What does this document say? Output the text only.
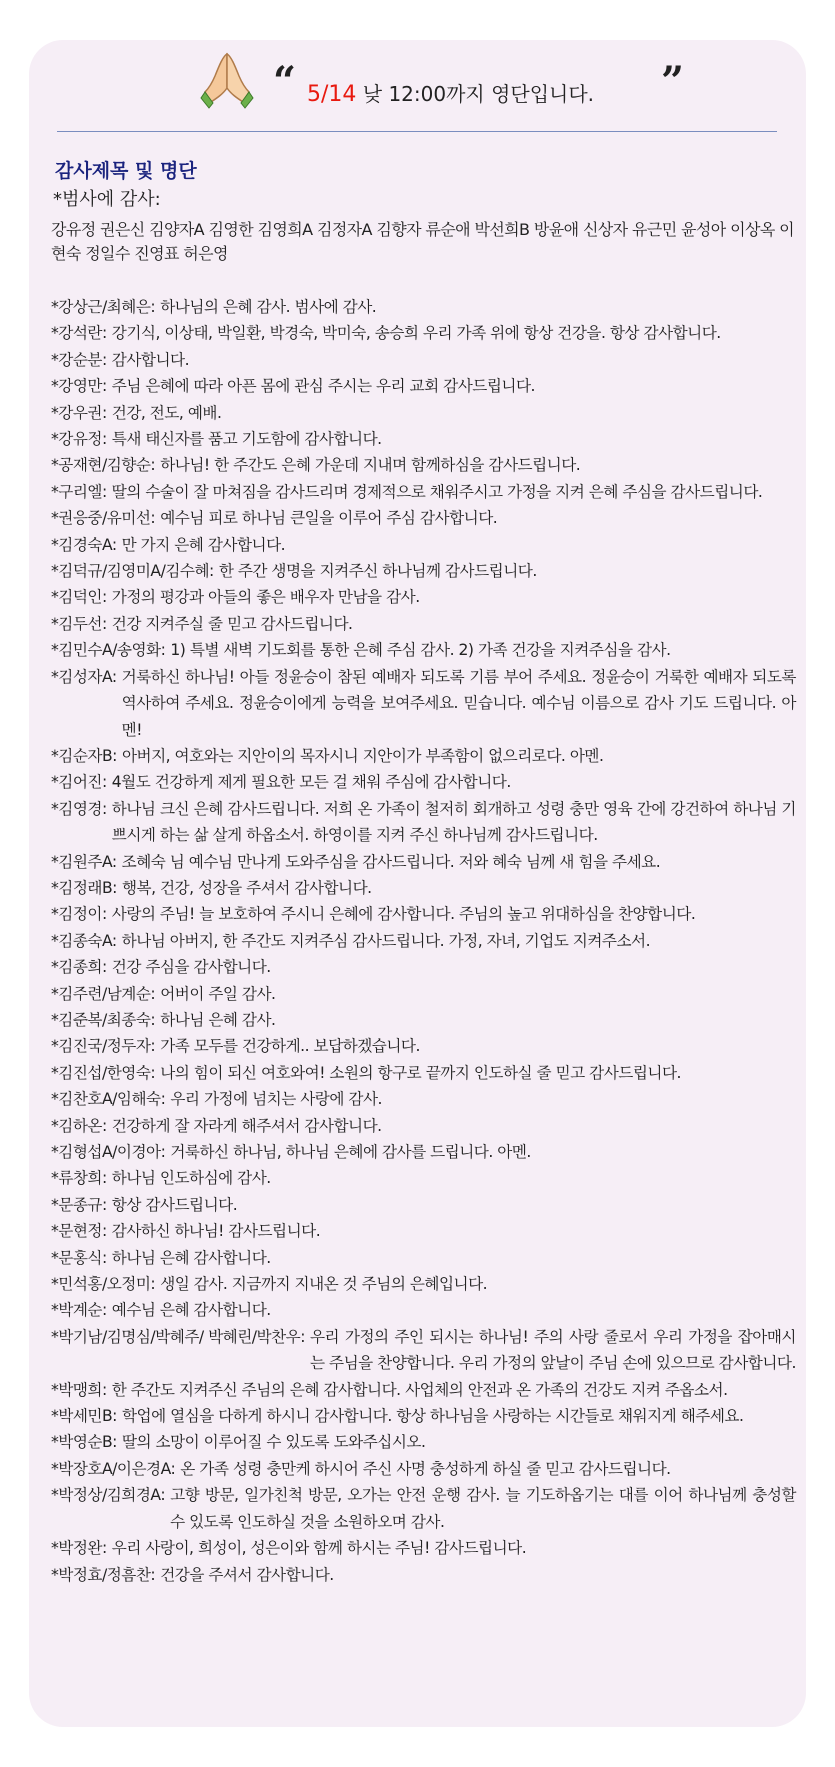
“ 5/14 낮 12:00까지 영단입니다. ”
감사제목 및 명단
*범사에 감사:
강유정 권은신 김양자A 김영한 김영희A 김정자A 김향자 류순애 박선희B 방윤애 신상자 유근민 윤성아 이상옥 이현숙 정일수 진영표 허은영
*강상근/최혜은: 하나님의 은혜 감사. 범사에 감사.
*강석란: 강기식, 이상태, 박일환, 박경숙, 박미숙, 송승희 우리 가족 위에 항상 건강을. 항상 감사합니다.
*강순분: 감사합니다.
*강영만: 주님 은혜에 따라 아픈 몸에 관심 주시는 우리 교회 감사드립니다.
*강우권: 건강, 전도, 예배.
*강유정: 특새 태신자를 품고 기도함에 감사합니다.
*공재현/김향순: 하나님! 한 주간도 은혜 가운데 지내며 함께하심을 감사드립니다.
*구리엘: 딸의 수술이 잘 마쳐짐을 감사드리며 경제적으로 채워주시고 가정을 지켜 은혜 주심을 감사드립니다.
*권응중/유미선: 예수님 피로 하나님 큰일을 이루어 주심 감사합니다.
*김경숙A: 만 가지 은혜 감사합니다.
*김덕규/김영미A/김수혜: 한 주간 생명을 지켜주신 하나님께 감사드립니다.
*김덕인: 가정의 평강과 아들의 좋은 배우자 만남을 감사.
*김두선: 건강 지켜주실 줄 믿고 감사드립니다.
*김민수A/송영화: 1) 특별 새벽 기도회를 통한 은혜 주심 감사. 2) 가족 건강을 지켜주심을 감사.
*김성자A: 거룩하신 하나님! 아들 정윤승이 참된 예배자 되도록 기름 부어 주세요. 정윤승이 거룩한 예배자 되도록 역사하여 주세요. 정윤승이에게 능력을 보여주세요. 믿습니다. 예수님 이름으로 감사 기도 드립니다. 아멘!
*김순자B: 아버지, 여호와는 지안이의 목자시니 지안이가 부족함이 없으리로다. 아멘.
*김어진: 4월도 건강하게 제게 필요한 모든 걸 채워 주심에 감사합니다.
*김영경: 하나님 크신 은혜 감사드립니다. 저희 온 가족이 철저히 회개하고 성령 충만 영육 간에 강건하여 하나님 기쁘시게 하는 삶 살게 하옵소서. 하영이를 지켜 주신 하나님께 감사드립니다.
*김원주A: 조혜숙 님 예수님 만나게 도와주심을 감사드립니다. 저와 혜숙 님께 새 힘을 주세요.
*김정래B: 행복, 건강, 성장을 주셔서 감사합니다.
*김정이: 사랑의 주님! 늘 보호하여 주시니 은혜에 감사합니다. 주님의 높고 위대하심을 찬양합니다.
*김종숙A: 하나님 아버지, 한 주간도 지켜주심 감사드립니다. 가정, 자녀, 기업도 지켜주소서.
*김종희: 건강 주심을 감사합니다.
*김주련/남계순: 어버이 주일 감사.
*김준복/최종숙: 하나님 은혜 감사.
*김진국/정두자: 가족 모두를 건강하게.. 보답하겠습니다.
*김진섭/한영숙: 나의 힘이 되신 여호와여! 소원의 항구로 끝까지 인도하실 줄 믿고 감사드립니다.
*김찬호A/임해숙: 우리 가정에 넘치는 사랑에 감사.
*김하온: 건강하게 잘 자라게 해주셔서 감사합니다.
*김형섭A/이경아: 거룩하신 하나님, 하나님 은혜에 감사를 드립니다. 아멘.
*류창희: 하나님 인도하심에 감사.
*문종규: 항상 감사드립니다.
*문현정: 감사하신 하나님! 감사드립니다.
*문홍식: 하나님 은혜 감사합니다.
*민석홍/오정미: 생일 감사. 지금까지 지내온 것 주님의 은혜입니다.
*박계순: 예수님 은혜 감사합니다.
*박기남/김명심/박혜주/ 박혜린/박찬우: 우리 가정의 주인 되시는 하나님! 주의 사랑 줄로서 우리 가정을 잡아매시는 주님을 찬양합니다. 우리 가정의 앞날이 주님 손에 있으므로 감사합니다.
*박맹희: 한 주간도 지켜주신 주님의 은혜 감사합니다. 사업체의 안전과 온 가족의 건강도 지켜 주옵소서.
*박세민B: 학업에 열심을 다하게 하시니 감사합니다. 항상 하나님을 사랑하는 시간들로 채워지게 해주세요.
*박영순B: 딸의 소망이 이루어질 수 있도록 도와주십시오.
*박장호A/이은경A: 온 가족 성령 충만케 하시어 주신 사명 충성하게 하실 줄 믿고 감사드립니다.
*박정상/김희경A: 고향 방문, 일가친척 방문, 오가는 안전 운행 감사. 늘 기도하옵기는 대를 이어 하나님께 충성할 수 있도록 인도하실 것을 소원하오며 감사.
*박정완: 우리 사랑이, 희성이, 성은이와 함께 하시는 주님! 감사드립니다.
*박정효/정흠찬: 건강을 주셔서 감사합니다.
